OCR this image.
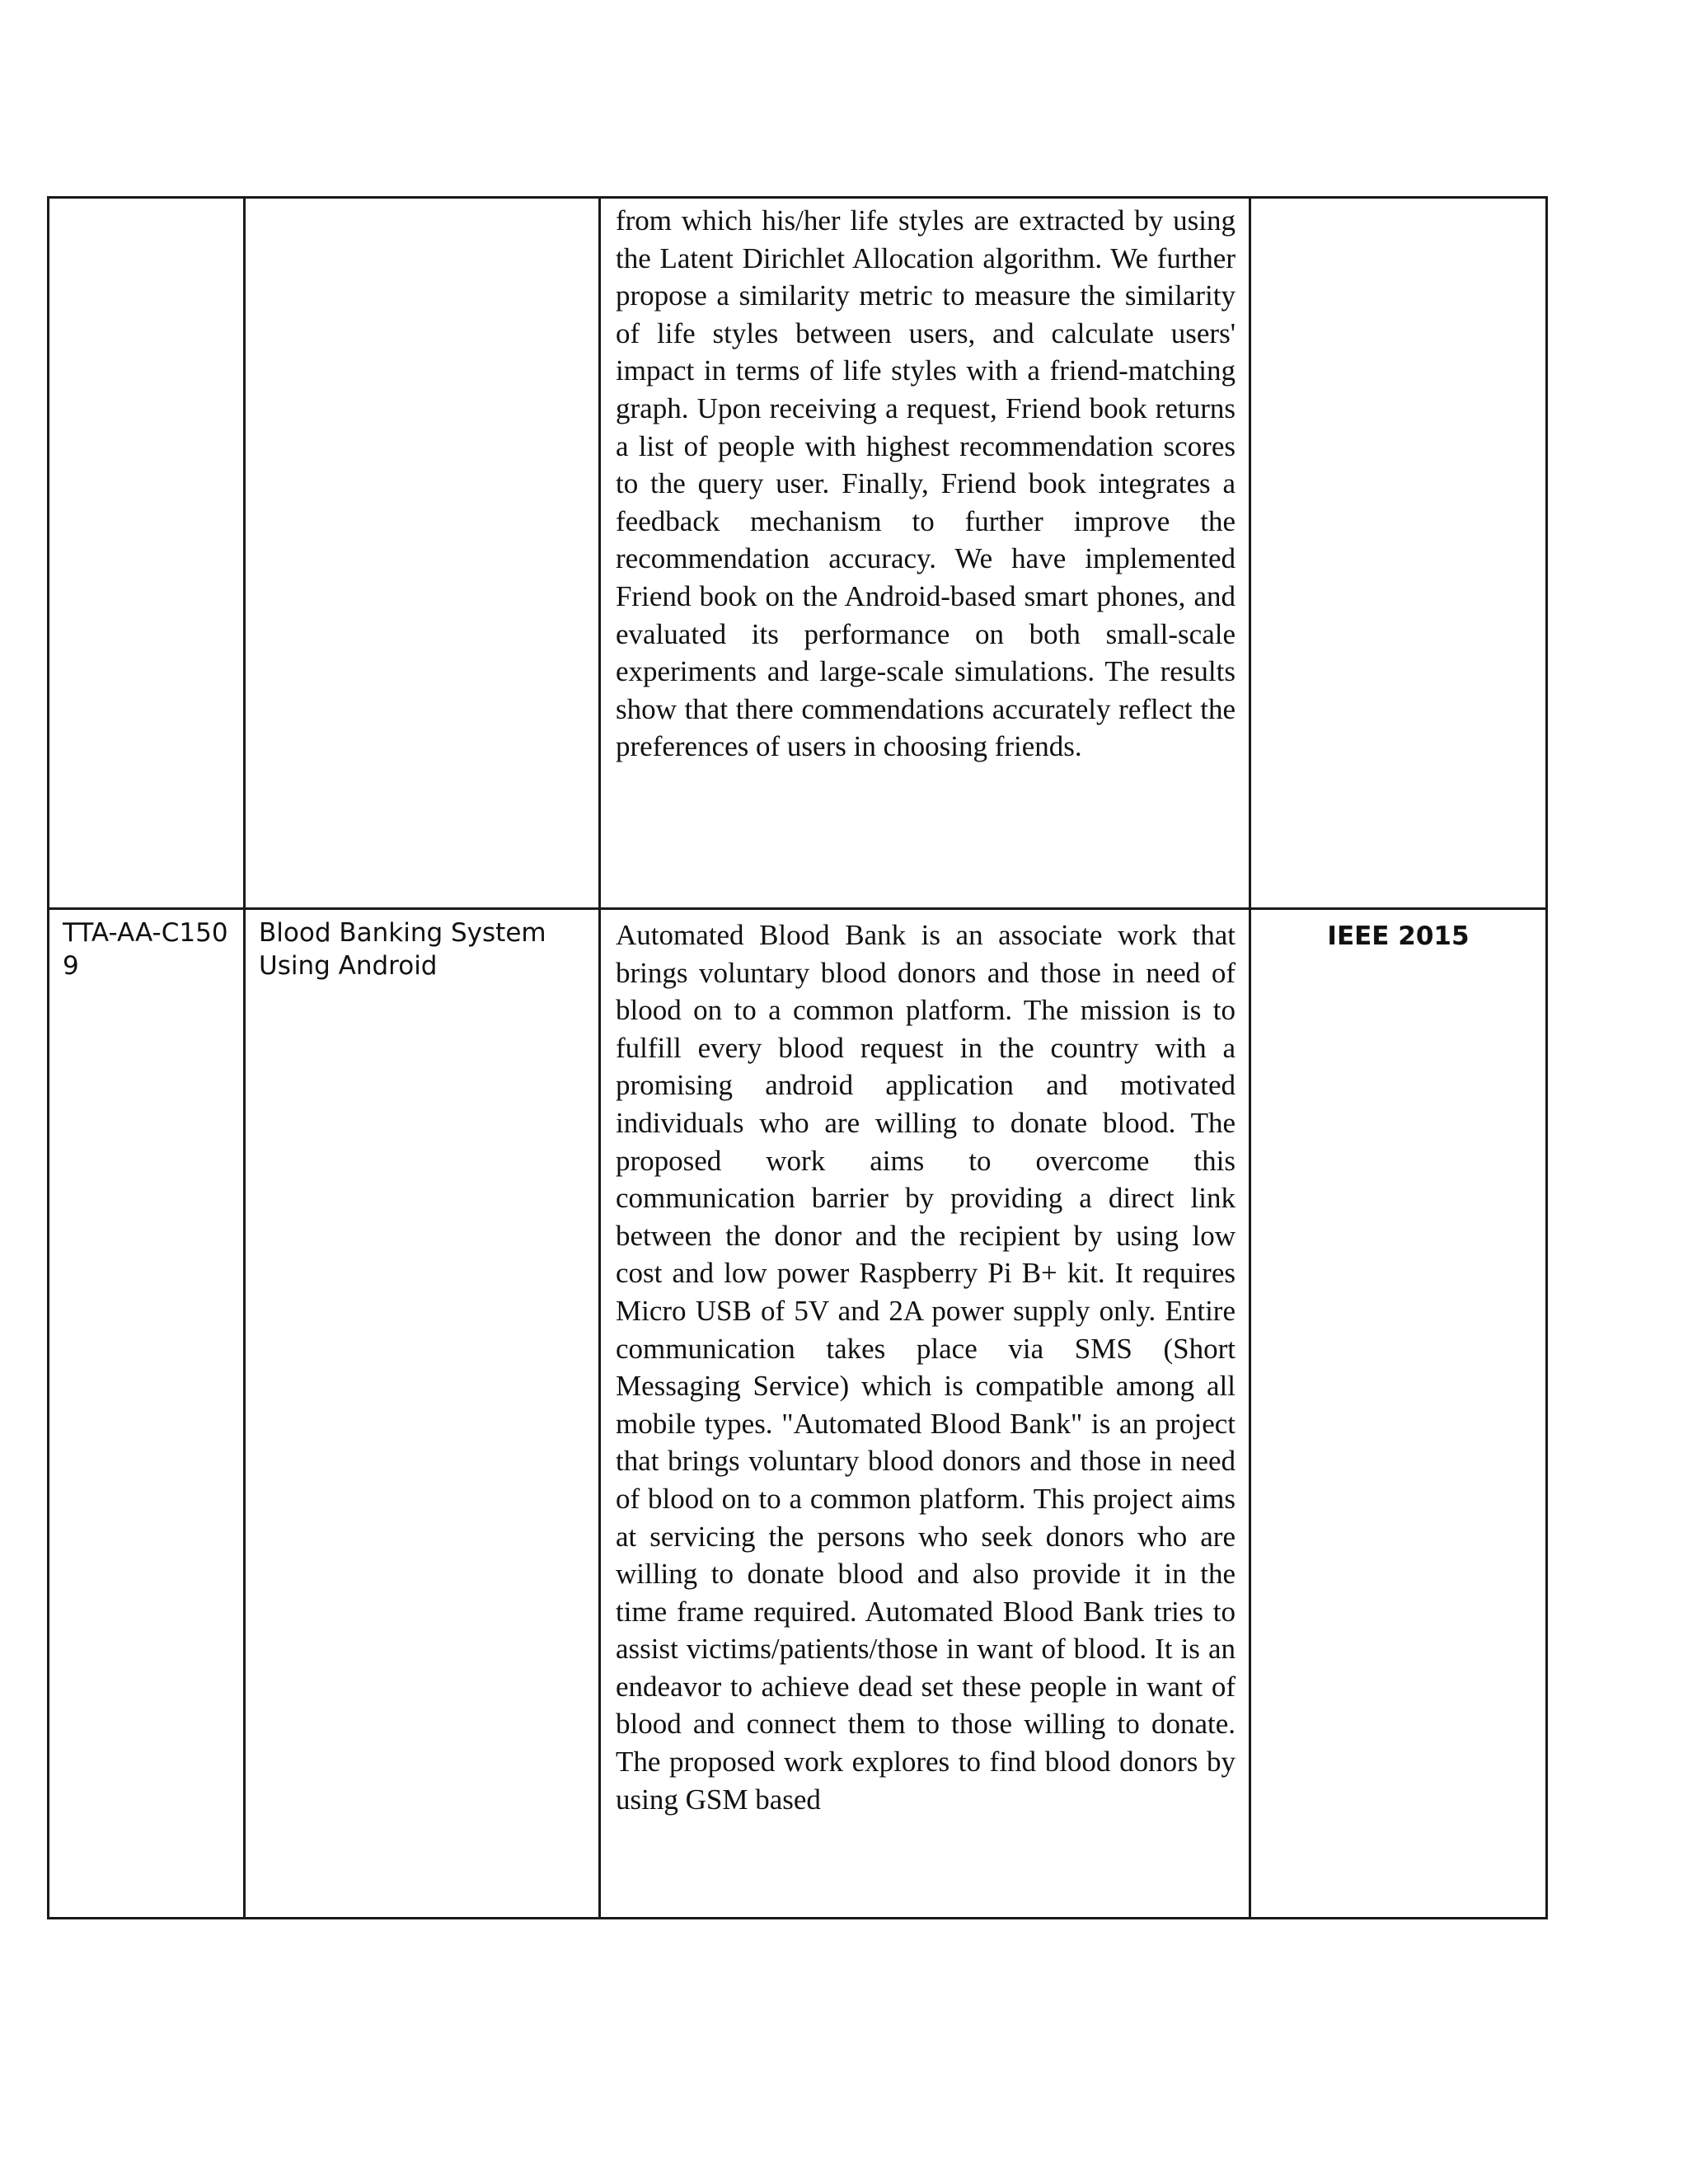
		from which his/her life styles are extracted by using the Latent Dirichlet Allocation algorithm. We further propose a similarity metric to measure the similarity of life styles between users, and calculate users' impact in terms of life styles with a friend-matching graph. Upon receiving a request, Friend book returns a list of people with highest recommendation scores to the query user. Finally, Friend book integrates a feedback mechanism to further improve the recommendation accuracy. We have implemented Friend book on the Android-based smart phones, and evaluated its performance on both small-scale experiments and large-scale simulations. The results show that there commendations accurately reflect the preferences of users in choosing friends.	

TTA-AA-C1509	Blood Banking System Using Android	Automated Blood Bank is an associate work that brings voluntary blood donors and those in need of blood on to a common platform. The mission is to fulfill every blood request in the country with a promising android application and motivated individuals who are willing to donate blood. The proposed work aims to overcome this communication barrier by providing a direct link between the donor and the recipient by using low cost and low power Raspberry Pi B+ kit. It requires Micro USB of 5V and 2A power supply only. Entire communication takes place via SMS (Short Messaging Service) which is compatible among all mobile types. "Automated Blood Bank" is an project that brings voluntary blood donors and those in need of blood on to a common platform. This project aims at servicing the persons who seek donors who are willing to donate blood and also provide it in the time frame required. Automated Blood Bank tries to assist victims/patients/those in want of blood. It is an endeavor to achieve dead set these people in want of blood and connect them to those willing to donate. The proposed work explores to find blood donors by using GSM based	IEEE 2015
